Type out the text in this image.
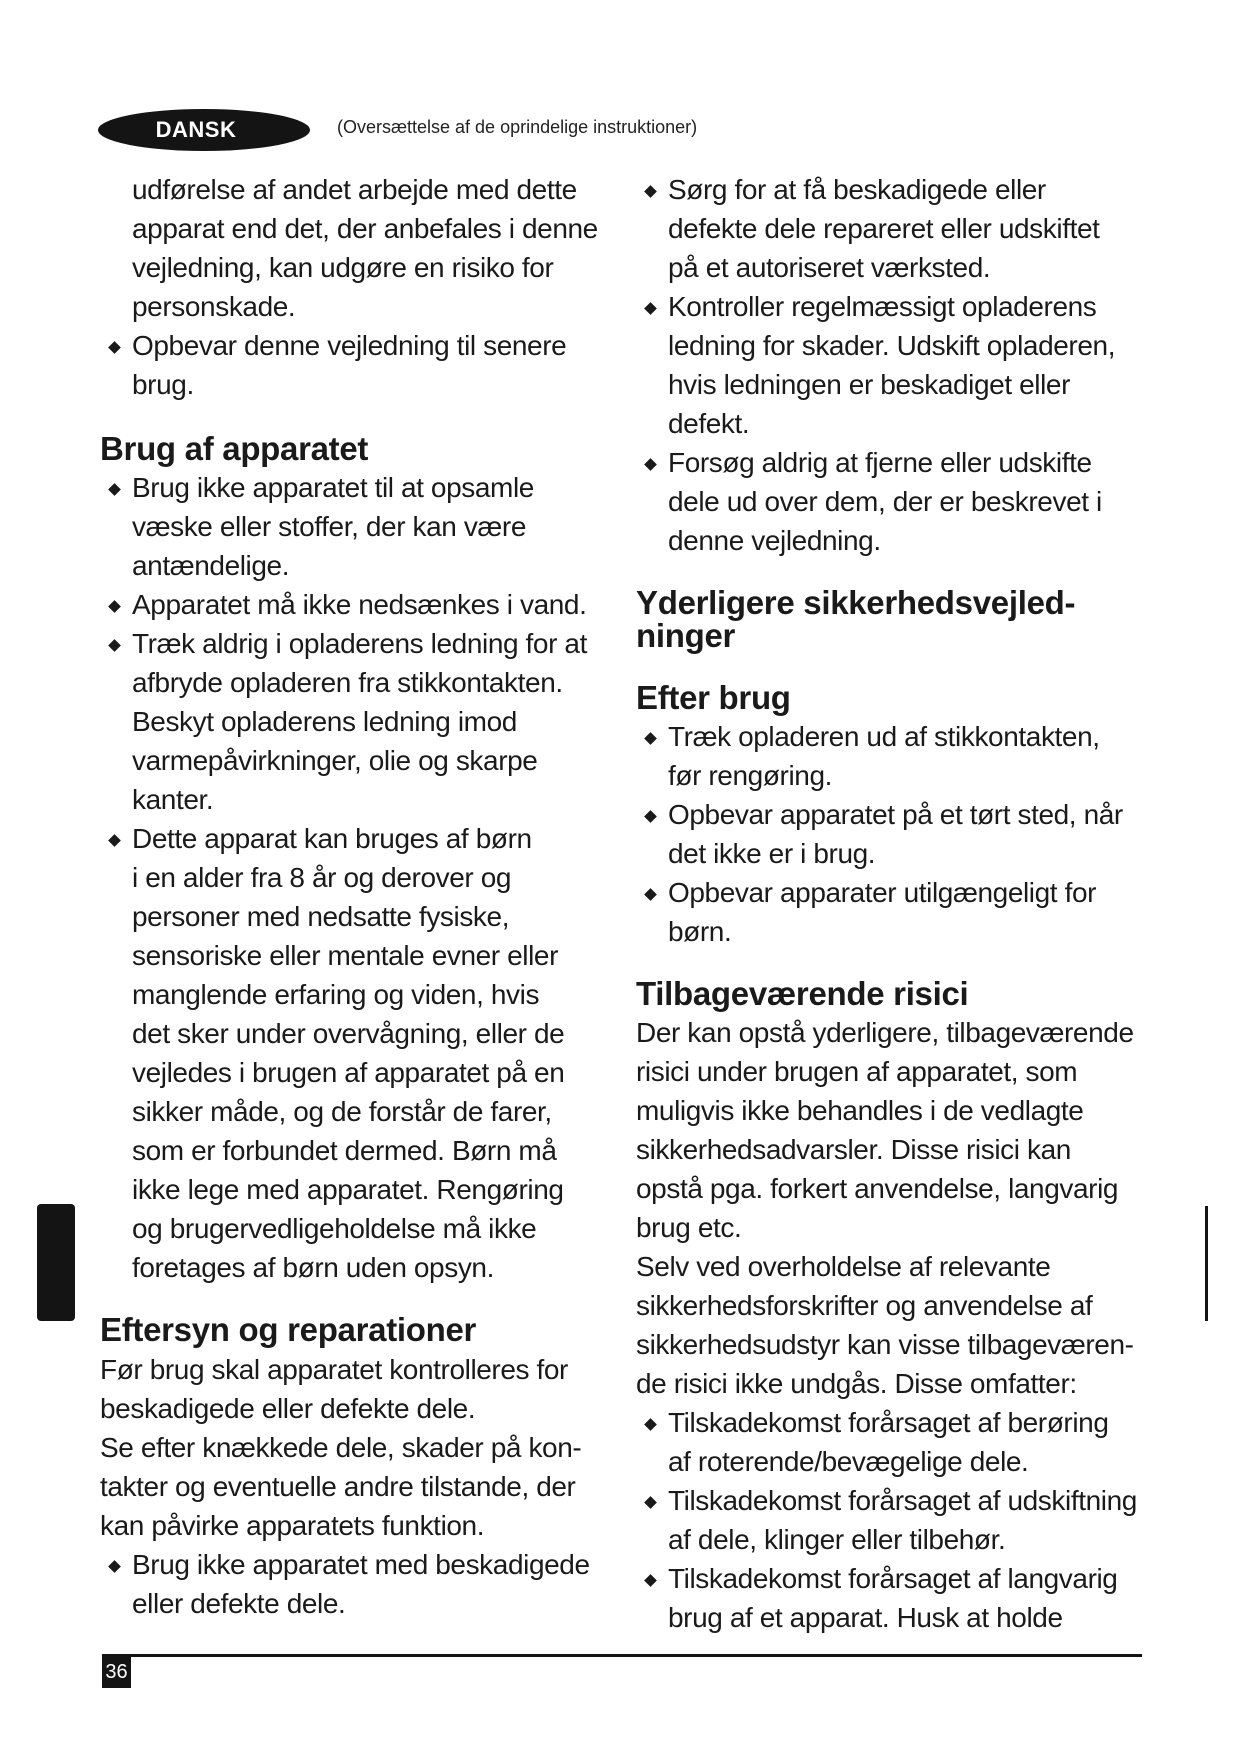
DANSK	(Oversættelse af de oprindelige instruktioner)
udførelse af andet arbejde med dette
apparat end det, der anbefales i denne
vejledning, kan udgøre en risiko for
personskade.
Opbevar denne vejledning til senere
brug.
Brug af apparatet
Brug ikke apparatet til at opsamle
væske eller stoffer, der kan være
antændelige.
Apparatet må ikke nedsænkes i vand.
Træk aldrig i opladerens ledning for at
afbryde opladeren fra stikkontakten.
Beskyt opladerens ledning imod
varmepåvirkninger, olie og skarpe
kanter.
Dette apparat kan bruges af børn
i en alder fra 8 år og derover og
personer med nedsatte fysiske,
sensoriske eller mentale evner eller
manglende erfaring og viden, hvis
det sker under overvågning, eller de
vejledes i brugen af apparatet på en
sikker måde, og de forstår de farer,
som er forbundet dermed. Børn må
ikke lege med apparatet. Rengøring
og brugervedligeholdelse må ikke
foretages af børn uden opsyn.
Eftersyn og reparationer
Før brug skal apparatet kontrolleres for
beskadigede eller defekte dele.
Se efter knækkede dele, skader på kon-
takter og eventuelle andre tilstande, der
kan påvirke apparatets funktion.
Brug ikke apparatet med beskadigede
eller defekte dele.
Sørg for at få beskadigede eller
defekte dele repareret eller udskiftet
på et autoriseret værksted.
Kontroller regelmæssigt opladerens
ledning for skader. Udskift opladeren,
hvis ledningen er beskadiget eller
defekt.
Forsøg aldrig at fjerne eller udskifte
dele ud over dem, der er beskrevet i
denne vejledning.
Yderligere sikkerhedsvejled-
ninger
Efter brug
Træk opladeren ud af stikkontakten,
før rengøring.
Opbevar apparatet på et tørt sted, når
det ikke er i brug.
Opbevar apparater utilgængeligt for
børn.
Tilbageværende risici
Der kan opstå yderligere, tilbageværende
risici under brugen af apparatet, som
muligvis ikke behandles i de vedlagte
sikkerhedsadvarsler. Disse risici kan
opstå pga. forkert anvendelse, langvarig
brug etc.
Selv ved overholdelse af relevante
sikkerhedsforskrifter og anvendelse af
sikkerhedsudstyr kan visse tilbageværen-
de risici ikke undgås. Disse omfatter:
Tilskadekomst forårsaget af berøring
af roterende/bevægelige dele.
Tilskadekomst forårsaget af udskiftning
af dele, klinger eller tilbehør.
Tilskadekomst forårsaget af langvarig
brug af et apparat. Husk at holde
36
